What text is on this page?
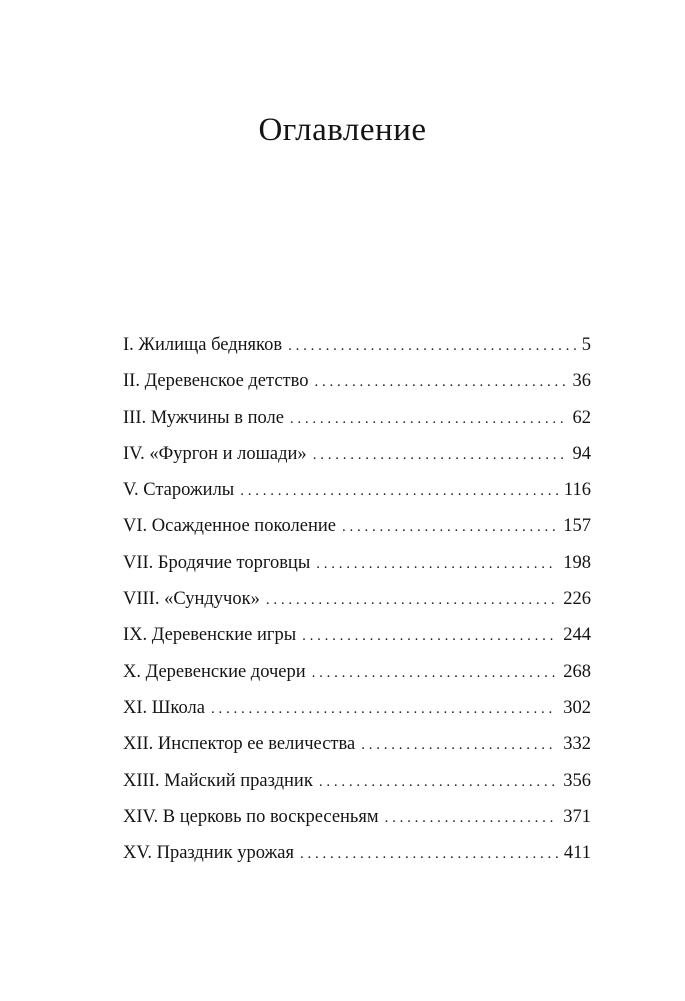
Оглавление
I. Жилища бедняков . . .	5
II. Деревенское детство . . .	36
III. Мужчины в поле . . .	62
IV. «Фургон и лошади» . . .	94
V. Старожилы . . .	116
VI. Осажденное поколение . . .	157
VII. Бродячие торговцы . . .	198
VIII. «Сундучок» . . .	226
IX. Деревенские игры . . .	244
X. Деревенские дочери . . .	268
XI. Школа . . .	302
XII. Инспектор ее величества . . .	332
XIII. Майский праздник . . .	356
XIV. В церковь по воскресеньям . . .	371
XV. Праздник урожая . . .	411
